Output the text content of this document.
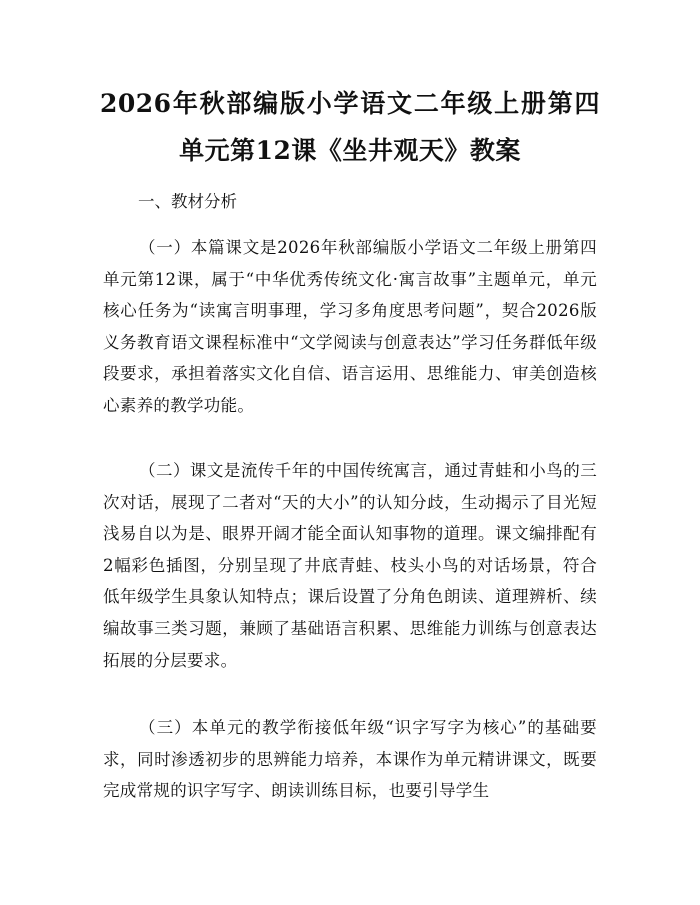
2026年秋部编版小学语文二年级上册第四单元第12课《坐井观天》教案
一、教材分析

（一）本篇课文是2026年秋部编版小学语文二年级上册第四单元第12课，属于“中华优秀传统文化·寓言故事”主题单元，单元核心任务为“读寓言明事理，学习多角度思考问题”，契合2026版义务教育语文课程标准中“文学阅读与创意表达”学习任务群低年级段要求，承担着落实文化自信、语言运用、思维能力、审美创造核心素养的教学功能。

（二）课文是流传千年的中国传统寓言，通过青蛙和小鸟的三次对话，展现了二者对“天的大小”的认知分歧，生动揭示了目光短浅易自以为是、眼界开阔才能全面认知事物的道理。课文编排配有2幅彩色插图，分别呈现了井底青蛙、枝头小鸟的对话场景，符合低年级学生具象认知特点；课后设置了分角色朗读、道理辨析、续编故事三类习题，兼顾了基础语言积累、思维能力训练与创意表达拓展的分层要求。

（三）本单元的教学衔接低年级“识字写字为核心”的基础要求，同时渗透初步的思辨能力培养，本课作为单元精讲课文，既要完成常规的识字写字、朗读训练目标，也要引导学生
